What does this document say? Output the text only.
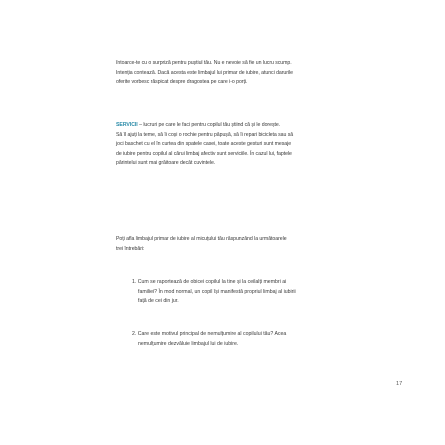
întoarce-te cu o surpriză pentru puștiul tău. Nu e nevoie să fie un lucru scump.
Intenția contează. Dacă acesta este limbajul lui primar de iubire, atunci darurile
oferite vorbesc răspicat despre dragostea pe care i-o porți.

SERVICII – lucruri pe care le faci pentru copilul tău știind că și le dorește.
Să îl ajuți la teme, să îi coși o rochie pentru păpușă, să îi repari bicicleta sau să
joci baschet cu el în curtea din spatele casei, toate aceste gesturi sunt mesaje
de iubire pentru copilul al cărui limbaj afectiv sunt serviciile. În cazul lui, faptele
părintelui sunt mai grăitoare decât cuvintele.

Poți afla limbajul primar de iubire al micuțului tău răspunzând la următoarele
trei întrebări:

1. Cum se raportează de obicei copilul la tine și la ceilalți membri ai
familiei? În mod normal, un copil își manifestă propriul limbaj al iubirii
față de cei din jur.
2. Care este motivul principal de nemulțumire al copilului tău? Acea
nemulțumire dezvăluie limbajul lui de iubire.
17
